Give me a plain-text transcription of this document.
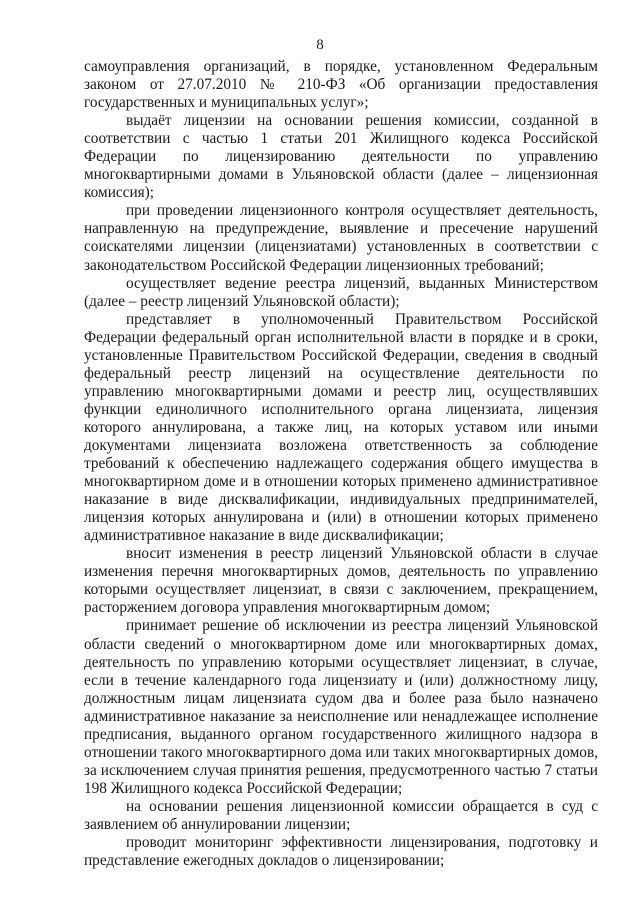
8

самоуправления организаций, в порядке, установленном Федеральным законом от 27.07.2010 № 210-ФЗ «Об организации предоставления государственных и муниципальных услуг»;

выдаёт лицензии на основании решения комиссии, созданной в соответствии с частью 1 статьи 201 Жилищного кодекса Российской Федерации по лицензированию деятельности по управлению многоквартирными домами в Ульяновской области (далее – лицензионная комиссия);

при проведении лицензионного контроля осуществляет деятельность, направленную на предупреждение, выявление и пресечение нарушений соискателями лицензии (лицензиатами) установленных в соответствии с законодательством Российской Федерации лицензионных требований;

осуществляет ведение реестра лицензий, выданных Министерством (далее – реестр лицензий Ульяновской области);

представляет в уполномоченный Правительством Российской Федерации федеральный орган исполнительной власти в порядке и в сроки, установленные Правительством Российской Федерации, сведения в сводный федеральный реестр лицензий на осуществление деятельности по управлению многоквартирными домами и реестр лиц, осуществлявших функции единоличного исполнительного органа лицензиата, лицензия которого аннулирована, а также лиц, на которых уставом или иными документами лицензиата возложена ответственность за соблюдение требований к обеспечению надлежащего содержания общего имущества в многоквартирном доме и в отношении которых применено административное наказание в виде дисквалификации, индивидуальных предпринимателей, лицензия которых аннулирована и (или) в отношении которых применено административное наказание в виде дисквалификации;

вносит изменения в реестр лицензий Ульяновской области в случае изменения перечня многоквартирных домов, деятельность по управлению которыми осуществляет лицензиат, в связи с заключением, прекращением, расторжением договора управления многоквартирным домом;

принимает решение об исключении из реестра лицензий Ульяновской области сведений о многоквартирном доме или многоквартирных домах, деятельность по управлению которыми осуществляет лицензиат, в случае, если в течение календарного года лицензиату и (или) должностному лицу, должностным лицам лицензиата судом два и более раза было назначено административное наказание за неисполнение или ненадлежащее исполнение предписания, выданного органом государственного жилищного надзора в отношении такого многоквартирного дома или таких многоквартирных домов, за исключением случая принятия решения, предусмотренного частью 7 статьи 198 Жилищного кодекса Российской Федерации;

на основании решения лицензионной комиссии обращается в суд с заявлением об аннулировании лицензии;

проводит мониторинг эффективности лицензирования, подготовку и представление ежегодных докладов о лицензировании;
